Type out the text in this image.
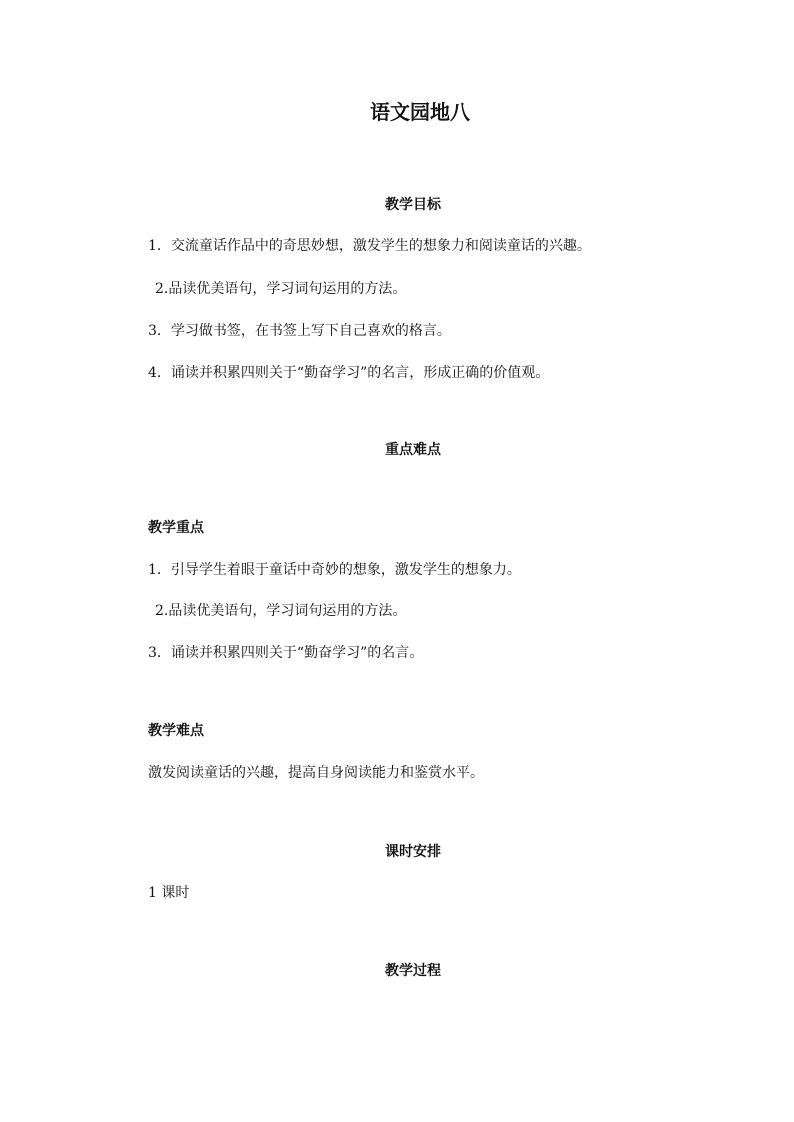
语文园地八
教学目标
1．交流童话作品中的奇思妙想，激发学生的想象力和阅读童话的兴趣。
2.品读优美语句，学习词句运用的方法。
3．学习做书签，在书签上写下自己喜欢的格言。
4．诵读并积累四则关于“勤奋学习”的名言，形成正确的价值观。
重点难点
教学重点
1．引导学生着眼于童话中奇妙的想象，激发学生的想象力。
2.品读优美语句，学习词句运用的方法。
3．诵读并积累四则关于“勤奋学习”的名言。
教学难点
激发阅读童话的兴趣，提高自身阅读能力和鉴赏水平。
课时安排
1 课时
教学过程
